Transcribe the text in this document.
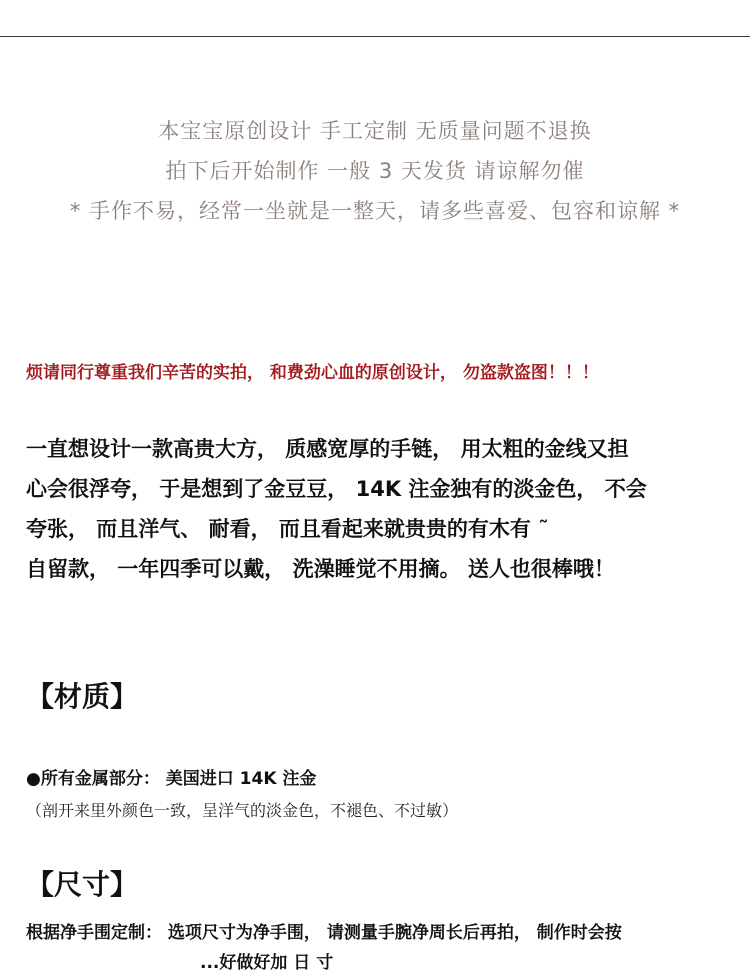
本宝宝原创设计 手工定制 无质量问题不退换
拍下后开始制作 一般 3 天发货 请谅解勿催
* 手作不易，经常一坐就是一整天，请多些喜爱、包容和谅解 *
烦请同行尊重我们辛苦的实拍， 和费劲心血的原创设计， 勿盗款盗图！！！
一直想设计一款高贵大方， 质感宽厚的手链， 用太粗的金线又担
心会很浮夸， 于是想到了金豆豆， 14K 注金独有的淡金色， 不会
夸张， 而且洋气、 耐看， 而且看起来就贵贵的有木有 ˜
自留款， 一年四季可以戴， 洗澡睡觉不用摘。 送人也很棒哦！
【材质】
●所有金属部分： 美国进口 14K 注金
（剖开来里外颜色一致，呈洋气的淡金色，不褪色、不过敏）
【尺寸】
根据净手围定制： 选项尺寸为净手围， 请测量手腕净周长后再拍， 制作时会按
...好做好加 日 寸
